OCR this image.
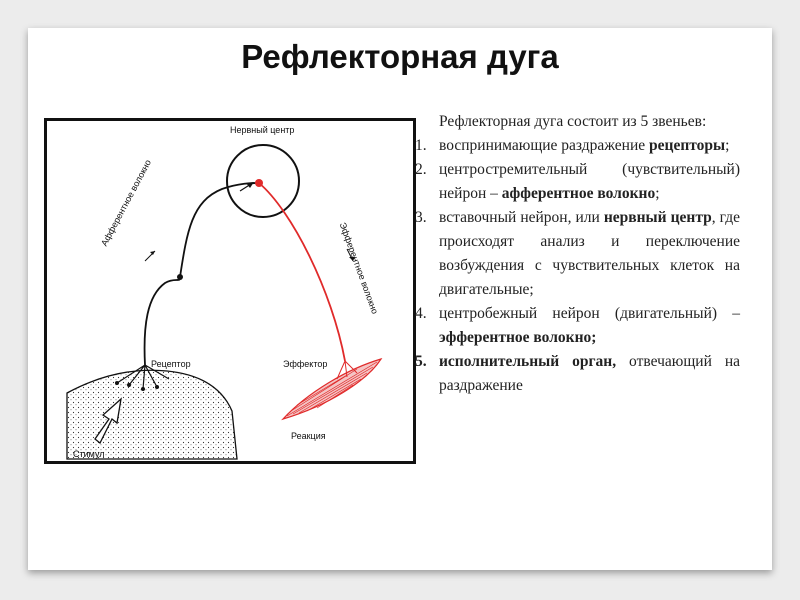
Рефлекторная дуга
Нервный центр
Афферентное волокно
Эфферентное волокно
Рецептор	Эффектор
Реакция
Стимул
Рефлекторная дуга состоит из 5 звеньев:
1. воспринимающие раздражение рецепторы;
2. центростремительный (чувствительный) нейрон – афферентное волокно;
3. вставочный нейрон, или нервный центр, где происходят анализ и переключение возбуждения с чувствительных клеток на двигательные;
4. центробежный нейрон (двигательный) – эфферентное волокно;
5. исполнительный орган, отвечающий на раздражение
